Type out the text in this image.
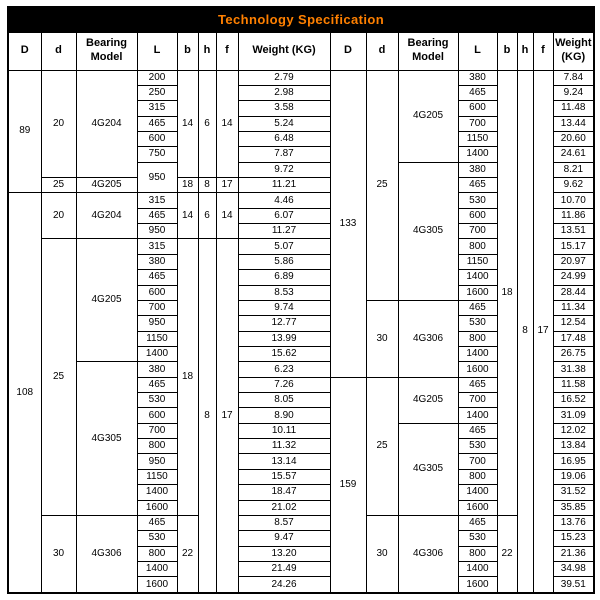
Technology Specification															
D	d	Bearing Model	L	b	h	f	Weight (KG)	D	d	Bearing Model	L	b	h	f	Weight (KG)
89	20	4G204	200	14	6	14	2.79	133	25	4G205	380	18	8	17	7.84
			250				2.98				465				9.24
			315				3.58				600				11.48
			465				5.24				700				13.44
			600				6.48				1150				20.60
			750				7.87				1400				24.61
			950				9.72			4G305	380				8.21
	25	4G205		18	8	17	11.21				465				9.62
108	20	4G204	315	14	6	14	4.46				530				10.70
			465				6.07				600				11.86
			950				11.27				700				13.51
	25	4G205	315	18	8	17	5.07				800				15.17
			380				5.86				1150				20.97
			465				6.89				1400				24.99
			600				8.53				1600				28.44
			700				9.74		30	4G306	465				11.34
			950				12.77				530				12.54
			1150				13.99				800				17.48
			1400				15.62				1400				26.75
		4G305	380				6.23				1600				31.38
			465				7.26	159	25	4G205	465				11.58
			530				8.05				700				16.52
			600				8.90				1400				31.09
			700				10.11			4G305	465				12.02
			800				11.32				530				13.84
			950				13.14				700				16.95
			1150				15.57				800				19.06
			1400				18.47				1400				31.52
			1600				21.02				1600				35.85
	30	4G306	465	22			8.57		30	4G306	465	22			13.76
			530				9.47				530				15.23
			800				13.20				800				21.36
			1400				21.49				1400				34.98
			1600				24.26				1600				39.51
